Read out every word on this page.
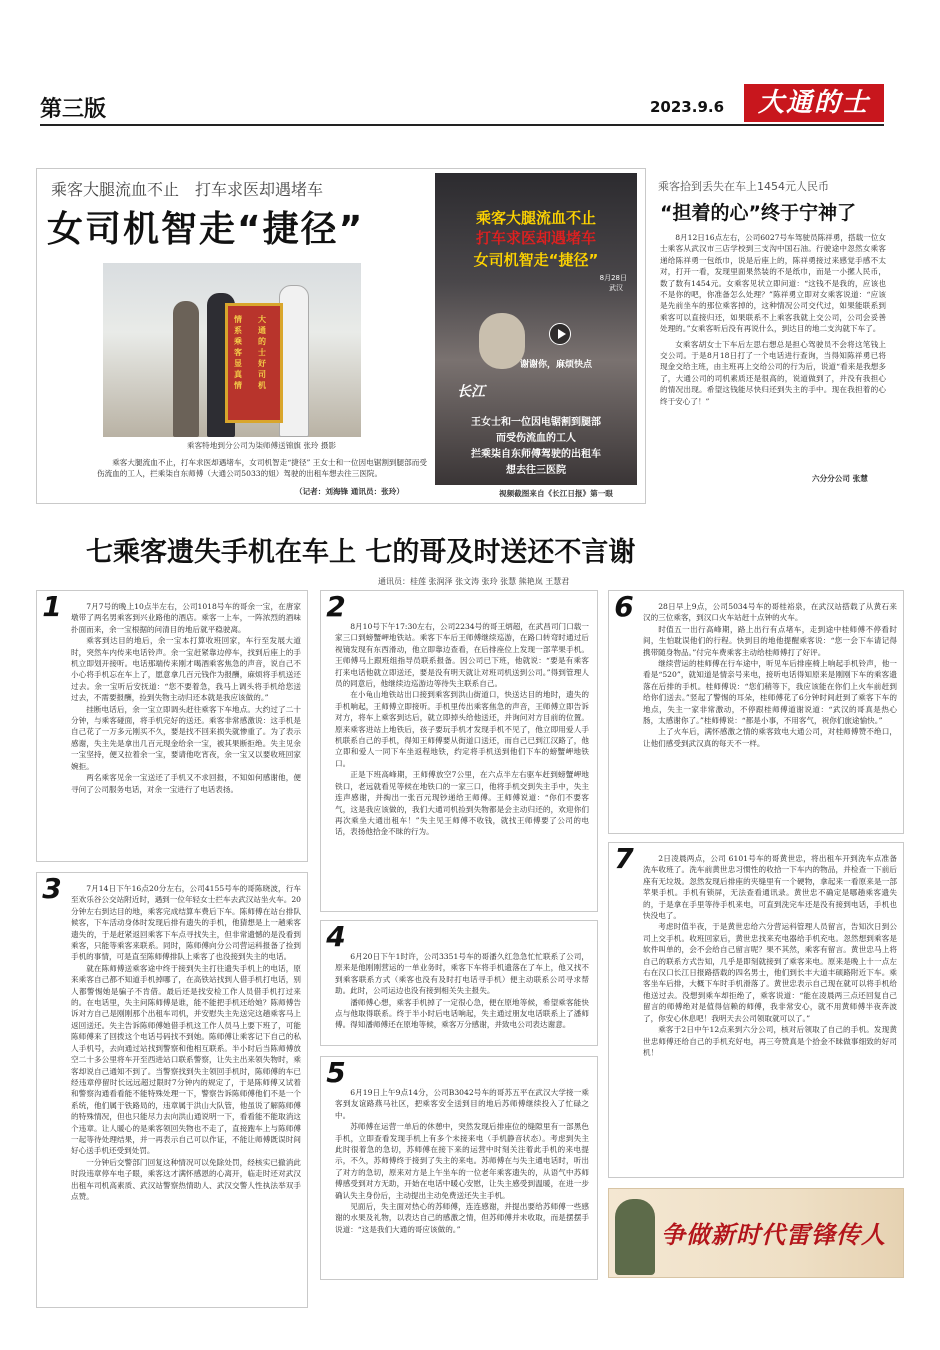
第三版	2023.9.6	大通的士
乘客大腿流血不止　打车求医却遇堵车
女司机智走“捷径”
情系乘客显真情
大通的士好司机
乘客特地到分公司为柒师傅送锦旗 张玲 摄影

乘客大腿流血不止，打车求医却遇堵车，女司机智走“捷径” 王女士和一位因电锯割到腿部而受伤流血的工人，拦乘柒自东师傅（大通公司5033的姐）驾驶的出租车想去往三医院。

（记者：刘海锋 通讯员：张玲）
乘客大腿流血不止
打车求医却遇堵车
女司机智走“捷径”
8月28日
武汉
谢谢你，麻烦快点
长江
王女士和一位因电锯割到腿部
而受伤流血的工人
拦乘柒自东师傅驾驶的出租车
想去往三医院
视频截图来自《长江日报》第一眼
乘客拾到丢失在车上1454元人民币
“担着的心”终于宁神了

8月12日16点左右，公司6027号车驾驶员陈祥勇，搭载一位女士乘客从武汉市三店学校到三支沟中国石油。行驶途中忽然女乘客递给陈祥勇一包纸巾，说是后座上的，陈祥勇接过来感觉手感不太对，打开一看，发现里面果然装的不是纸巾，而是一小摞人民币，数了数有1454元。女乘客见状立即问道：“这钱不是我的，应该也不是你的吧，你准备怎么处理？”陈祥勇立即对女乘客说道：“应该是先前坐车的那位乘客掉的，这种情况公司交代过，如果能联系到乘客可以直接归还，如果联系不上乘客我就上交公司，公司会妥善处理的。”女乘客听后没有再说什么，到达目的地二支沟就下车了。

女乘客胡女士下车后左思右想总是担心驾驶员不会将这笔钱上交公司。于是8月18日打了一个电话进行查询，当得知陈祥勇已将现金交给主班，由主班再上交给公司的行为后，说道“看来是我想多了，大通公司的司机素质还是很高的，说道做到了，并没有我担心的情况出现。希望这钱能尽快归还到失主的手中。现在我担着的心终于安心了！”

六分分公司 张慧
七乘客遗失手机在车上 七的哥及时送还不言谢
通讯员：桂莲 张润泽 张文涛 张玲 张慧 熊艳岚 王慧君
1	7月7号的晚上10点半左右，公司1018号车的哥余一宝，在唐家墩带了两名男乘客到兴业路他的酒店。乘客一上车，一阵浓烈的酒味扑面而来，余一宝根据的问清目的地后就平稳驶离。

乘客到达目的地后，余一宝本打算收班回家，车行至发展大道时，突然车内传来电话铃声。余一宝赶紧靠边停车，找到后座上的手机立即划开接听。电话那端传来刚才喝酒乘客焦急的声音，说自己不小心将手机忘在车上了，愿意拿几百元钱作为报酬，麻烦将手机送还过去。余一宝听后安抚道：“您不要着急，我马上调头将手机给您送过去，不需要报酬，捡到失物主动归还本就是我应该做的。”

挂断电话后，余一宝立即调头赶往乘客下车地点。大约过了二十分钟，与乘客碰面，将手机完好的送还。乘客非常感激说：这手机是自己花了一万多元刚买不久，要是找不回来损失就惨重了。为了表示感谢，失主先是拿出几百元现金给余一宝，被其果断拒绝。失主见余一宝坚持，便又拉着余一宝，要请他吃宵夜，余一宝又以要收班回家婉拒。

两名乘客见余一宝送还了手机又不求回报，不知如何感谢他，便寻问了公司服务电话，对余一宝进行了电话表扬。

2

8月10号下午17:30左右，公司2234号的哥王炳超，在武昌司门口载一家三口到螃蟹岬地铁站。乘客下车后王师傅继续巡游，在路口转弯时通过后视镜发现有东西滑动，他立即靠边查看，在后排座位上发现一部苹果手机。王师傅马上跟班组指导员联系报备。因公司已下班，他就说：“要是有乘客打来电话他就立即送还，要是没有明天就让对班司机送到公司。”得到管理人员的同意后，他继续边巡游边等待失主联系自己。

在小龟山地铁站出口接到乘客到洪山街道口，快送达目的地时，遗失的手机响起，王师傅立即接听。手机里传出乘客焦急的声音，王师傅立即告诉对方，将车上乘客到达后，就立即掉头给他送还，并询问对方目前的位置。原来乘客进站上地铁后，孩子要玩手机才发现手机不见了，他立即用爱人手机联系自己的手机，得知王师傅要从街道口送还，而自己已到江汉路了，他立即和爱人一同下车坐返程地铁，约定将手机送到他们下车的螃蟹岬地铁口。

正是下班高峰期，王师傅放空7公里，在六点半左右驱车赶到螃蟹岬地铁口，老远就看见等候在地铁口的一家三口，他将手机交到失主手中，失主连声感谢，并掏出一张百元现钞递给王师傅。王师傅说道：“你们不要客气，这是我应该做的，我们大通司机捡到失物都是会主动归还的，欢迎你们再次乘坐大通出租车！”失主见王师傅不收钱，就找王师傅要了公司的电话，表扬他拾金不昧的行为。

6	28日早上9点，公司5034号车的哥桂裕泉，在武汉站搭载了从黄石来汉的三位乘客，到汉口火车站赶十点钟的火车。

时值五一出行高峰期，路上出行有点堵车，走到途中桂师傅不停看时间，生怕耽误他们的行程。快到目的地他提醒乘客说：“您一会下车请记得携带随身物品。”付完车费乘客主动给桂师傅打了好评。

继续营运的桂师傅在行车途中，听见车后排座椅上响起手机铃声，他一看是“520”，就知道是情亲号来电，接听电话得知原来是刚刚下车的乘客遗落在后排的手机。桂师傅说：“您们稍等下，我应该能在你们上火车前赶到给你们送去。”竖起了警惕的耳朵，桂师傅花了6分钟时间赶到了乘客下车的地点，失主一家非常激动，不停跟桂师傅道谢说道：“武汉的哥真是热心肠，太感谢你了。”桂师傅说：“都是小事，不用客气，祝你们旅途愉快。”

上了火车后，满怀感激之情的乘客致电大通公司，对桂师傅赞不绝口，让他们感受到武汉真的每天不一样。

3	7月14日下午16点20分左右，公司4155号车的哥陈晓波，行车至欢乐谷公交站附近时，遇到一位年轻女士拦车去武汉站坐火车。20分钟左右到达目的地，乘客完成结算车费后下车。陈师傅在站台排队候客，下车活动身体时发现后排有遗失的手机，他猜想是上一趟乘客遗失的，于是赶紧返回乘客下车点寻找失主，但非常遗憾的是没看到乘客，只能等乘客来联系。同时，陈师傅向分公司营运科报备了捡到手机的事情，可是直至陈师傅排队上乘客了也没接到失主的电话。

就在陈师傅送乘客途中终于接到失主打往遗失手机上的电话，原来乘客自己都不知道手机掉哪了，在高铁站找到人借手机打电话，别人都警惕她是骗子不肯借。最后还是找安检工作人员借手机打过来的。在电话里，失主问陈师傅是谁，能不能把手机还给她？陈师傅告诉对方自己是刚刚那个出租车司机，并安慰失主先送完这趟乘客马上返回送还。失主告诉陈师傅她借手机这工作人员马上要下班了，可能陈师傅来了回拨这个电话号码找不到她。陈师傅让乘客记下自己的私人手机号，去向通过站找到警察和他相互联系。半小时后当陈师傅放空二十多公里将车开至西进站口联系警察，让失主出来领失物时，乘客却说自己通知不到了。当警察找到失主领回手机时，陈师傅的车已经违章停留时长远远超过限时7分钟内的规定了，于是陈师傅又试着和警察沟通看看能不能特殊处理一下，警察告诉陈师傅他们不是一个系统，他们属于铁路局的，违章属于洪山大队管，他虽说了解陈师傅的特殊情况，但也只能尽力去向洪山通说明一下，看看能不能取消这个违章。让人暖心的是乘客领回失物也不走了，直接跑车上与陈师傅一起等待处理结果，并一再表示自己可以作证，不能让师傅既误时间好心送手机还受到处罚。

一分钟后交警部门回复这种情况可以免除处罚，经核实已撤消此时段违章停车电子眼，乘客这才满怀感恩的心离开，临走时还对武汉出租车司机高素质、武汉站警察热情助人、武汉交警人性执法举双手点赞。

4

6月20日下午1时许，公司3351号车的哥潘久红急急忙忙联系了公司，原来是他刚刚营运的一单业务时，乘客下车将手机遗落在了车上，他又找不到乘客联系方式（乘客也没有及时打电话寻手机）便主动联系公司寻求帮助。此时，公司运边也没有接到相关失主报失。

潘师傅心想，乘客手机掉了一定很心急，便在原地等候，希望乘客能快点与他取得联系。终于半小时后电话响起，失主通过朋友电话联系上了潘师傅。得知潘师傅还在原地等候，乘客万分感谢，并致电公司表达谢意。

5

6月19日上午9点14分，公司B3042号车的哥苏五平在武汉大学接一乘客到友谊路燕马社区，把乘客安全送到目的地后苏师傅继续投入了忙碌之中。

苏师傅在运营一单后的休憩中，突然发现后排座位的缝隙里有一部黑色手机，立即查看发现手机上有多个未接来电（手机静音状态）。考虑到失主此时很着急的急切，苏师傅在接下来的运营中时刻关注着此手机的来电提示，不久，苏师傅终于接到了失主的来电。苏师傅在与失主通电话时，听出了对方的急切，原来对方是上午坐车的一位老年乘客遗失的，从语气中苏师傅感受到对方无助，开始在电话中暖心安慰，让失主感受到温暖，在进一步确认失主身份后，主动提出主动免费送还失主手机。

见面后，失主面对热心的苏师傅，连连感谢，并提出要给苏师傅一些感谢的水果及礼物，以表达自己的感激之情，但苏师傅并未收取，而是摆摆手说道：“这是我们大通的哥应该做的。”

7	2日凌晨两点，公司 6101号车的哥黄世忠，将出租车开到洗车点准备洗车收班了。洗车前黄世忠习惯性的收拾一下车内的物品，并检查一下前后座有无垃圾。忽然发现后排座的夹缝里有一个硬物，拿起来一看原来是一部苹果手机。手机有锁屏，无法查看通讯录。黄世忠不确定是哪趟乘客遗失的，于是拿在手里等待手机来电，可直到洗完车还是没有接到电话，手机也快没电了。

考虑时值半夜，于是黄世忠给六分营运科管理人员留言，告知次日到公司上交手机。收班回家后，黄世忠找来充电器给手机充电。忽然想到乘客是软件叫单的，会不会给自己留言呢？果不其然，乘客有留言。黄世忠马上将自己的联系方式告知，几乎是即刻就接到了乘客来电。原来是晚上十一点左右在汉口长江日报路搭载的四名男士，他们到长丰大道丰硕路附近下车。乘客坐车后排，大概下车时手机滑落了。黄世忠表示自己现在就可以将手机给他送过去。没想到乘车却拒绝了，乘客说道：“能在凌晨两三点还回复自己留言的师傅绝对是值得信赖的师傅，我非常安心，就不用黄师傅半夜奔波了，你安心休息吧！我明天去公司领取就可以了。”

乘客于2日中午12点来到六分公司，核对后领取了自己的手机。发现黄世忠师傅还给自己的手机充好电，再三夸赞真是个拾金不昧做事细致的好司机！

争做新时代雷锋传人
